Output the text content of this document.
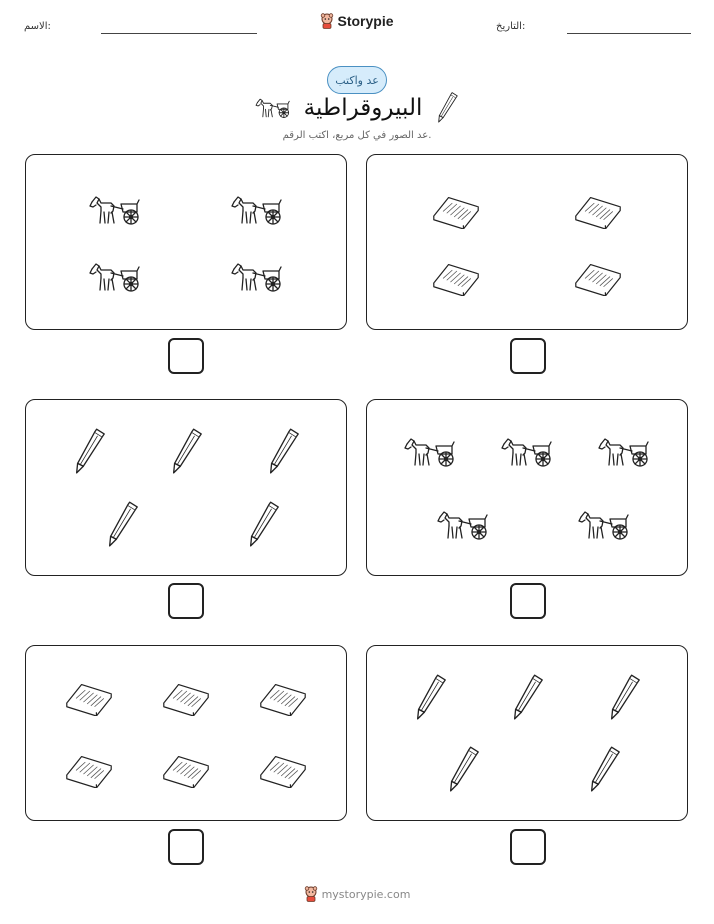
الاسم:	التاريخ:
Storypie
عد واكتب
البيروقراطية
عد الصور في كل مربع، اكتب الرقم.
mystorypie.com
